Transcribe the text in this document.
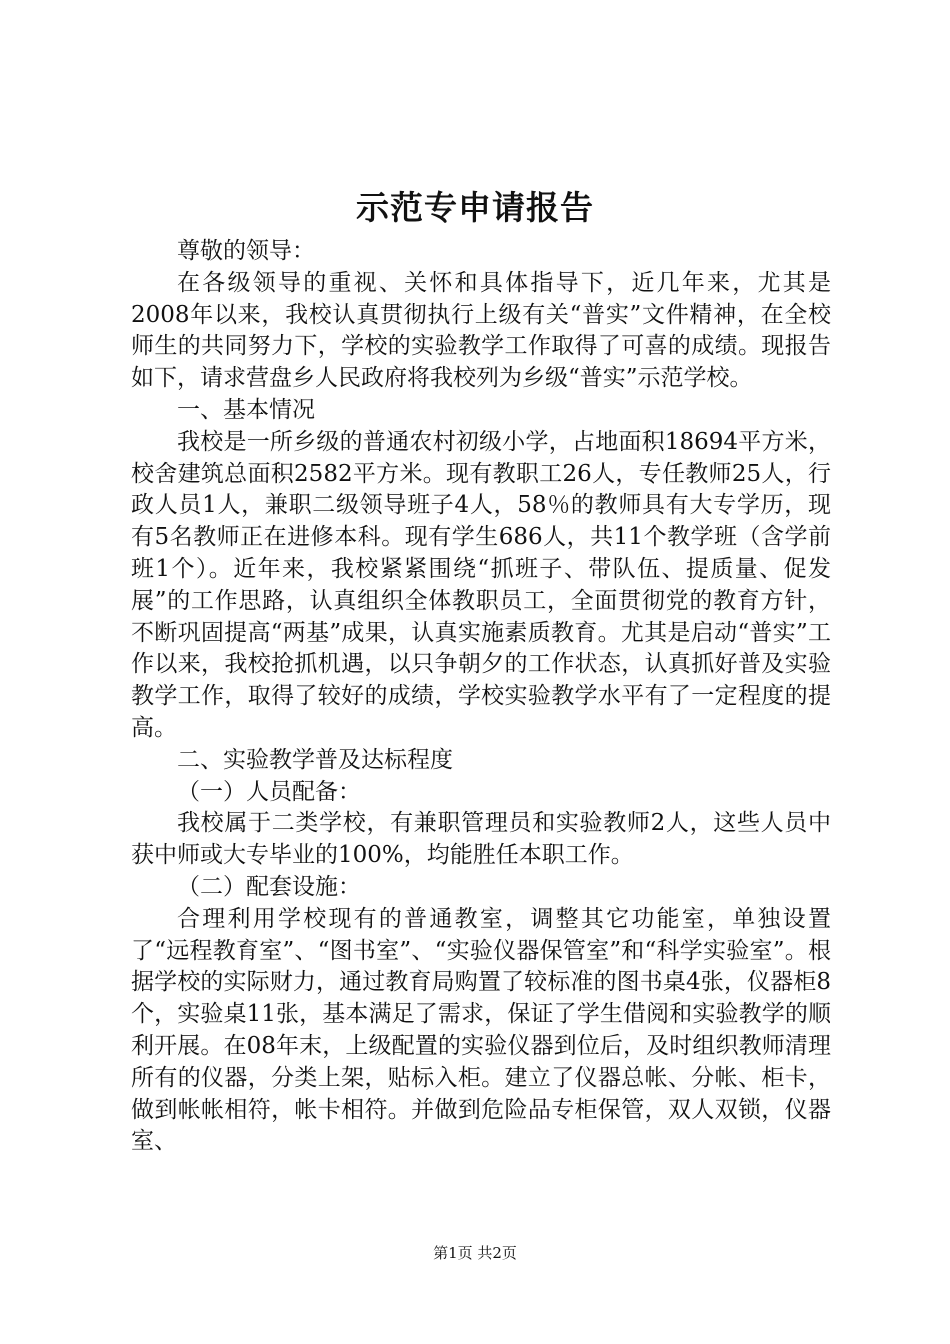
示范专申请报告

尊敬的领导：

在各级领导的重视、关怀和具体指导下，近几年来，尤其是2008年以来，我校认真贯彻执行上级有关“普实”文件精神，在全校师生的共同努力下，学校的实验教学工作取得了可喜的成绩。现报告如下，请求营盘乡人民政府将我校列为乡级“普实”示范学校。

一、基本情况

我校是一所乡级的普通农村初级小学，占地面积18694平方米，校舍建筑总面积2582平方米。现有教职工26人，专任教师25人，行政人员1人，兼职二级领导班子4人，58％的教师具有大专学历，现有5名教师正在进修本科。现有学生686人，共11个教学班（含学前班1个）。近年来，我校紧紧围绕“抓班子、带队伍、提质量、促发展”的工作思路，认真组织全体教职员工，全面贯彻党的教育方针，不断巩固提高“两基”成果，认真实施素质教育。尤其是启动“普实”工作以来，我校抢抓机遇，以只争朝夕的工作状态，认真抓好普及实验教学工作，取得了较好的成绩，学校实验教学水平有了一定程度的提高。

二、实验教学普及达标程度

（一）人员配备：

我校属于二类学校，有兼职管理员和实验教师2人，这些人员中获中师或大专毕业的100%，均能胜任本职工作。

（二）配套设施：

合理利用学校现有的普通教室，调整其它功能室，单独设置了“远程教育室”、“图书室”、“实验仪器保管室”和“科学实验室”。根据学校的实际财力，通过教育局购置了较标准的图书桌4张，仪器柜8个，实验桌11张，基本满足了需求，保证了学生借阅和实验教学的顺利开展。在08年末，上级配置的实验仪器到位后，及时组织教师清理所有的仪器，分类上架，贴标入柜。建立了仪器总帐、分帐、柜卡，做到帐帐相符，帐卡相符。并做到危险品专柜保管，双人双锁，仪器室、

第1页 共2页
